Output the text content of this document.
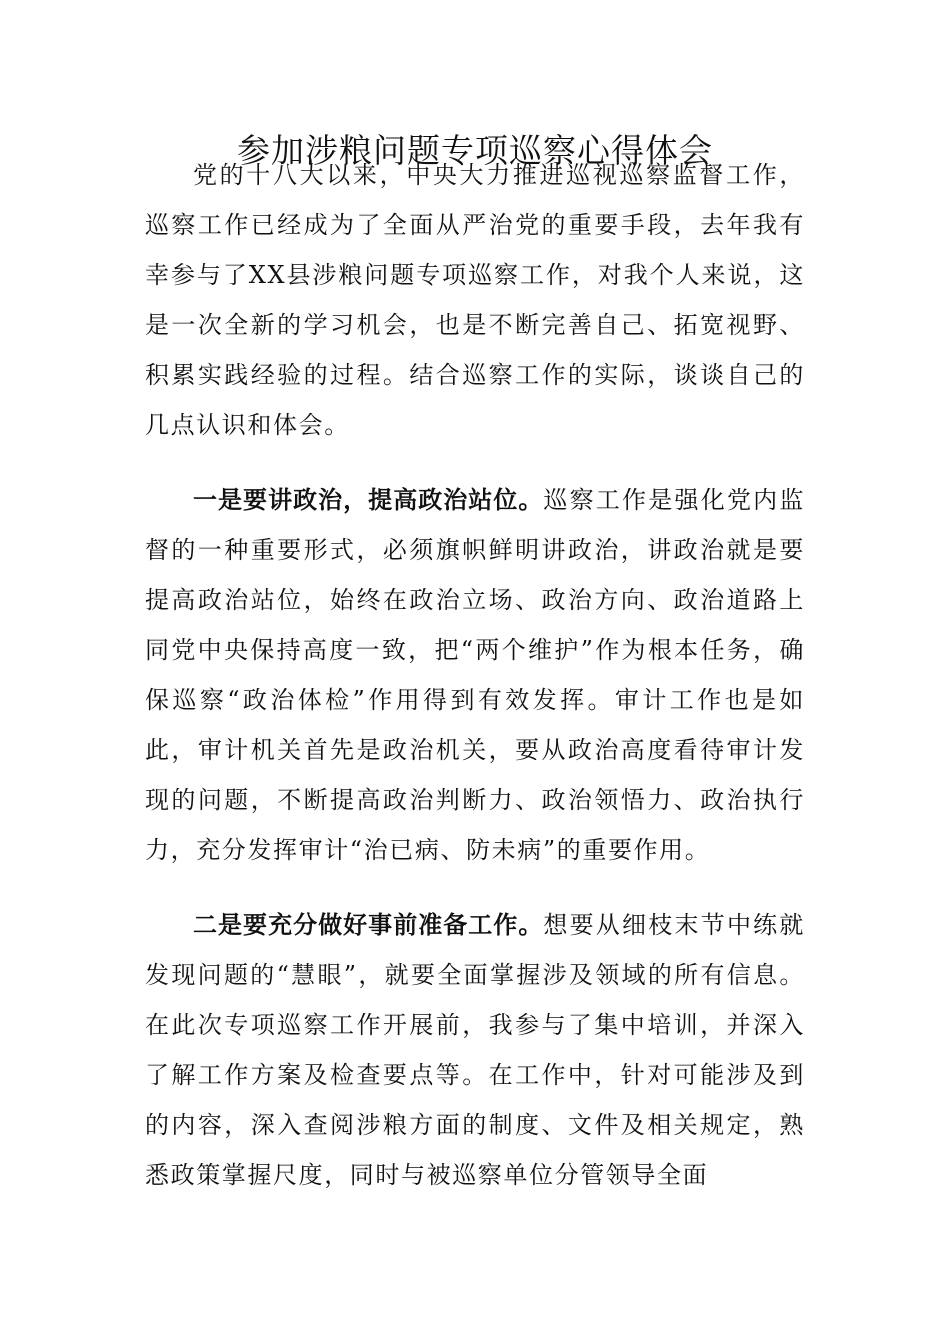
参加涉粮问题专项巡察心得体会

党的十八大以来，中央大力推进巡视巡察监督工作，巡察工作已经成为了全面从严治党的重要手段，去年我有幸参与了XX县涉粮问题专项巡察工作，对我个人来说，这是一次全新的学习机会，也是不断完善自己、拓宽视野、积累实践经验的过程。结合巡察工作的实际，谈谈自己的几点认识和体会。

一是要讲政治，提高政治站位。巡察工作是强化党内监督的一种重要形式，必须旗帜鲜明讲政治，讲政治就是要提高政治站位，始终在政治立场、政治方向、政治道路上同党中央保持高度一致，把“两个维护”作为根本任务，确保巡察“政治体检”作用得到有效发挥。审计工作也是如此，审计机关首先是政治机关，要从政治高度看待审计发现的问题，不断提高政治判断力、政治领悟力、政治执行力，充分发挥审计“治已病、防未病”的重要作用。

二是要充分做好事前准备工作。想要从细枝末节中练就发现问题的“慧眼”，就要全面掌握涉及领域的所有信息。在此次专项巡察工作开展前，我参与了集中培训，并深入了解工作方案及检查要点等。在工作中，针对可能涉及到的内容，深入查阅涉粮方面的制度、文件及相关规定，熟悉政策掌握尺度，同时与被巡察单位分管领导全面
